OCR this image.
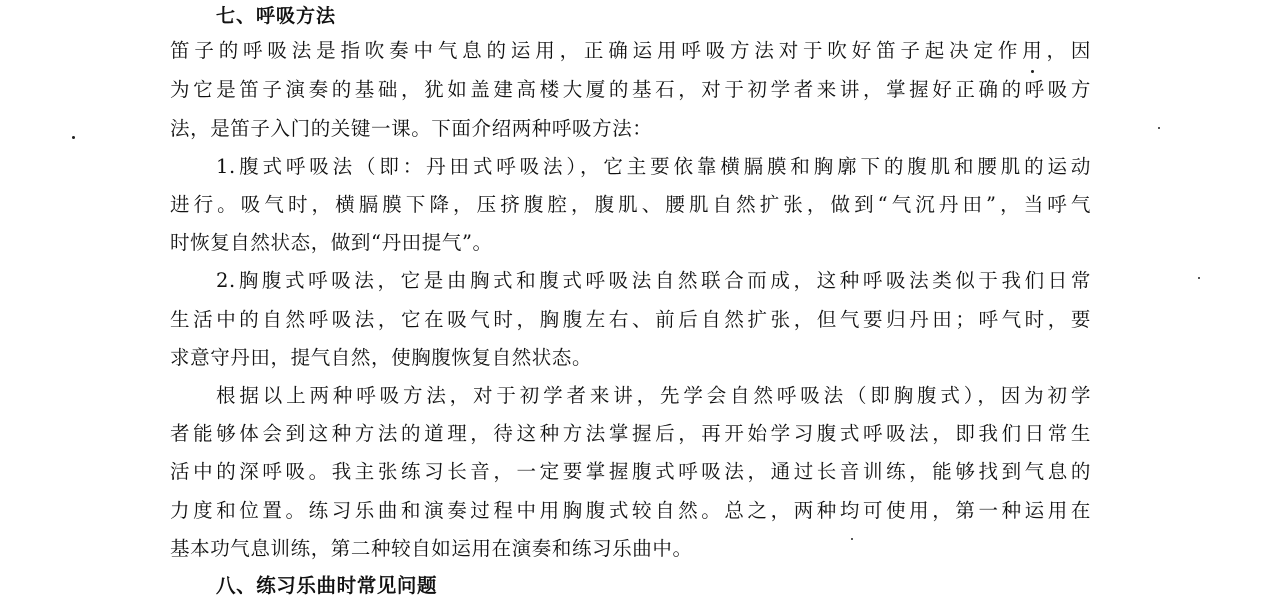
七、呼吸方法
笛子的呼吸法是指吹奏中气息的运用，正确运用呼吸方法对于吹好笛子起决定作用，因
为它是笛子演奏的基础，犹如盖建高楼大厦的基石，对于初学者来讲，掌握好正确的呼吸方
法，是笛子入门的关键一课。下面介绍两种呼吸方法：
1.腹式呼吸法（即：丹田式呼吸法），它主要依靠横膈膜和胸廓下的腹肌和腰肌的运动
进行。吸气时，横膈膜下降，压挤腹腔，腹肌、腰肌自然扩张，做到“气沉丹田”，当呼气
时恢复自然状态，做到“丹田提气”。
2.胸腹式呼吸法，它是由胸式和腹式呼吸法自然联合而成，这种呼吸法类似于我们日常
生活中的自然呼吸法，它在吸气时，胸腹左右、前后自然扩张，但气要归丹田；呼气时，要
求意守丹田，提气自然，使胸腹恢复自然状态。
根据以上两种呼吸方法，对于初学者来讲，先学会自然呼吸法（即胸腹式），因为初学
者能够体会到这种方法的道理，待这种方法掌握后，再开始学习腹式呼吸法，即我们日常生
活中的深呼吸。我主张练习长音，一定要掌握腹式呼吸法，通过长音训练，能够找到气息的
力度和位置。练习乐曲和演奏过程中用胸腹式较自然。总之，两种均可使用，第一种运用在
基本功气息训练，第二种较自如运用在演奏和练习乐曲中。
八、练习乐曲时常见问题
